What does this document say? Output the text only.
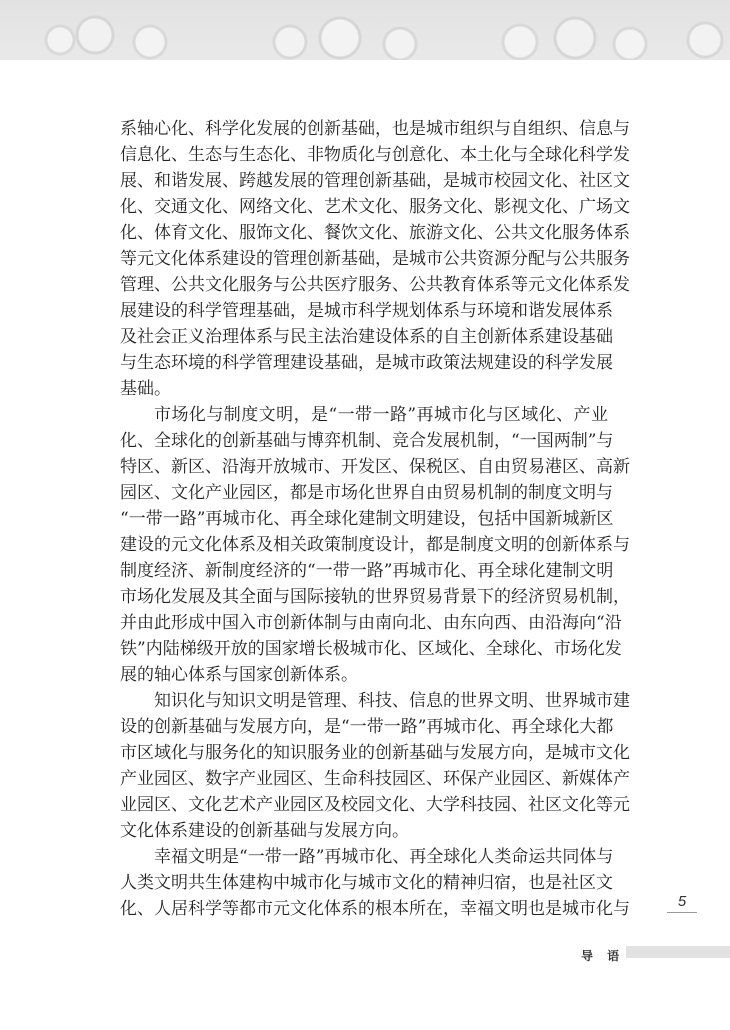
系轴心化、科学化发展的创新基础，也是城市组织与自组织、信息与
信息化、生态与生态化、非物质化与创意化、本土化与全球化科学发
展、和谐发展、跨越发展的管理创新基础，是城市校园文化、社区文
化、交通文化、网络文化、艺术文化、服务文化、影视文化、广场文
化、体育文化、服饰文化、餐饮文化、旅游文化、公共文化服务体系
等元文化体系建设的管理创新基础，是城市公共资源分配与公共服务
管理、公共文化服务与公共医疗服务、公共教育体系等元文化体系发
展建设的科学管理基础，是城市科学规划体系与环境和谐发展体系
及社会正义治理体系与民主法治建设体系的自主创新体系建设基础
与生态环境的科学管理建设基础，是城市政策法规建设的科学发展
基础。
市场化与制度文明，是“一带一路”再城市化与区域化、产业
化、全球化的创新基础与博弈机制、竞合发展机制，“一国两制”与
特区、新区、沿海开放城市、开发区、保税区、自由贸易港区、高新
园区、文化产业园区，都是市场化世界自由贸易机制的制度文明与
“一带一路”再城市化、再全球化建制文明建设，包括中国新城新区
建设的元文化体系及相关政策制度设计，都是制度文明的创新体系与
制度经济、新制度经济的“一带一路”再城市化、再全球化建制文明
市场化发展及其全面与国际接轨的世界贸易背景下的经济贸易机制，
并由此形成中国入市创新体制与由南向北、由东向西、由沿海向“沿
铁”内陆梯级开放的国家增长极城市化、区域化、全球化、市场化发
展的轴心体系与国家创新体系。
知识化与知识文明是管理、科技、信息的世界文明、世界城市建
设的创新基础与发展方向，是“一带一路”再城市化、再全球化大都
市区域化与服务化的知识服务业的创新基础与发展方向，是城市文化
产业园区、数字产业园区、生命科技园区、环保产业园区、新媒体产
业园区、文化艺术产业园区及校园文化、大学科技园、社区文化等元
文化体系建设的创新基础与发展方向。
幸福文明是“一带一路”再城市化、再全球化人类命运共同体与
人类文明共生体建构中城市化与城市文化的精神归宿，也是社区文
化、人居科学等都市元文化体系的根本所在，幸福文明也是城市化与	5
导 语
